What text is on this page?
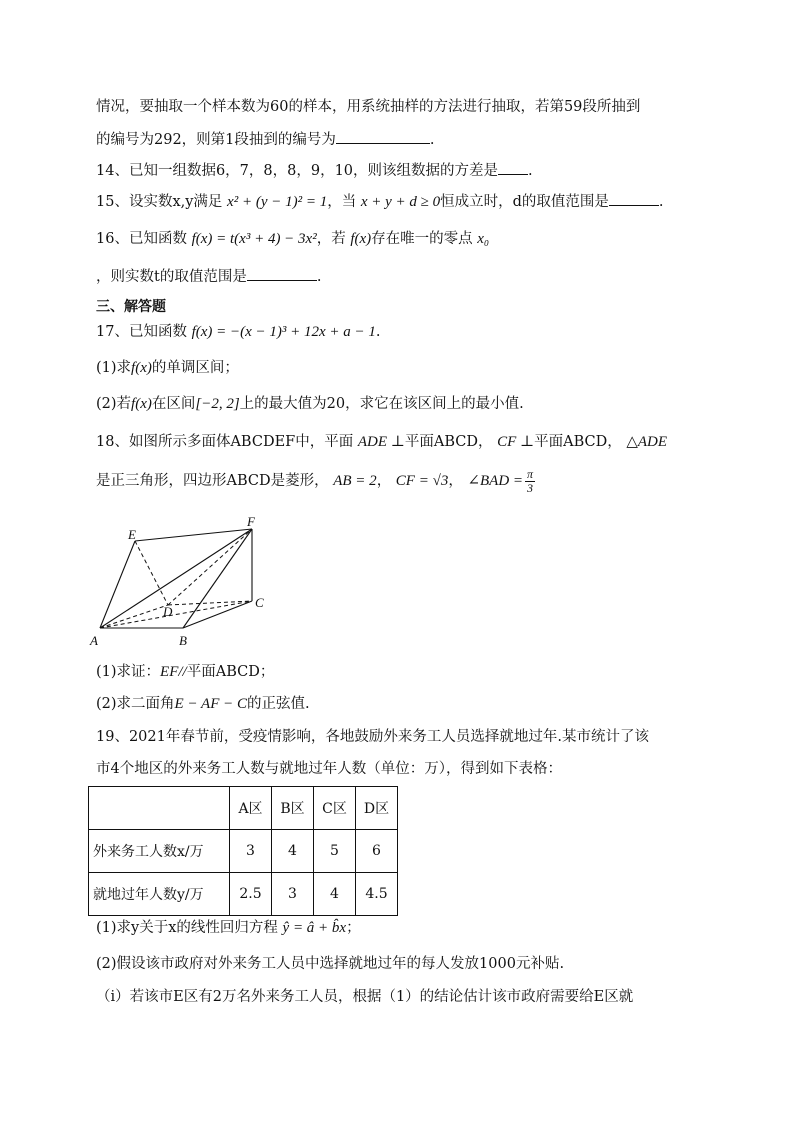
情况，要抽取一个样本数为60的样本，用系统抽样的方法进行抽取，若第59段所抽到
的编号为292，则第1段抽到的编号为	.
14、已知一组数据6，7，8，8，9，10，则该组数据的方差是 .
15、设实数x,y满足 x² + (y − 1)² = 1，当 x + y + d ≥ 0恒成立时，d的取值范围是	.
16、已知函数 f(x) = t(x³ + 4) − 3x²，若 f(x)存在唯一的零点 x₀
，则实数t的取值范围是	.
三、解答题
17、已知函数 f(x) = −(x − 1)³ + 12x + a − 1.
(1)求f(x)的单调区间；
(2)若f(x)在区间[−2, 2]上的最大值为20，求它在该区间上的最小值.
18、如图所示多面体ABCDEF中，平面 ADE ⊥平面ABCD， CF ⊥平面ABCD， △ADE
是正三角形，四边形ABCD是菱形， AB = 2， CF = √3， ∠BAD = $\frac{\pi}{3}$
A	B
C
D
E
F
(1)求证：EF//平面ABCD；
(2)求二面角E − AF − C的正弦值.
19、2021年春节前，受疫情影响，各地鼓励外来务工人员选择就地过年.某市统计了该
市4个地区的外来务工人数与就地过年人数（单位：万），得到如下表格：
	A区	B区	C区	D区
外来务工人数x/万	3	4	5	6
就地过年人数y/万	2.5	3	4	4.5
(1)求y关于x的线性回归方程 ŷ = â + b̂x；
(2)假设该市政府对外来务工人员中选择就地过年的每人发放1000元补贴.
（ⅰ）若该市E区有2万名外来务工人员，根据（1）的结论估计该市政府需要给E区就
